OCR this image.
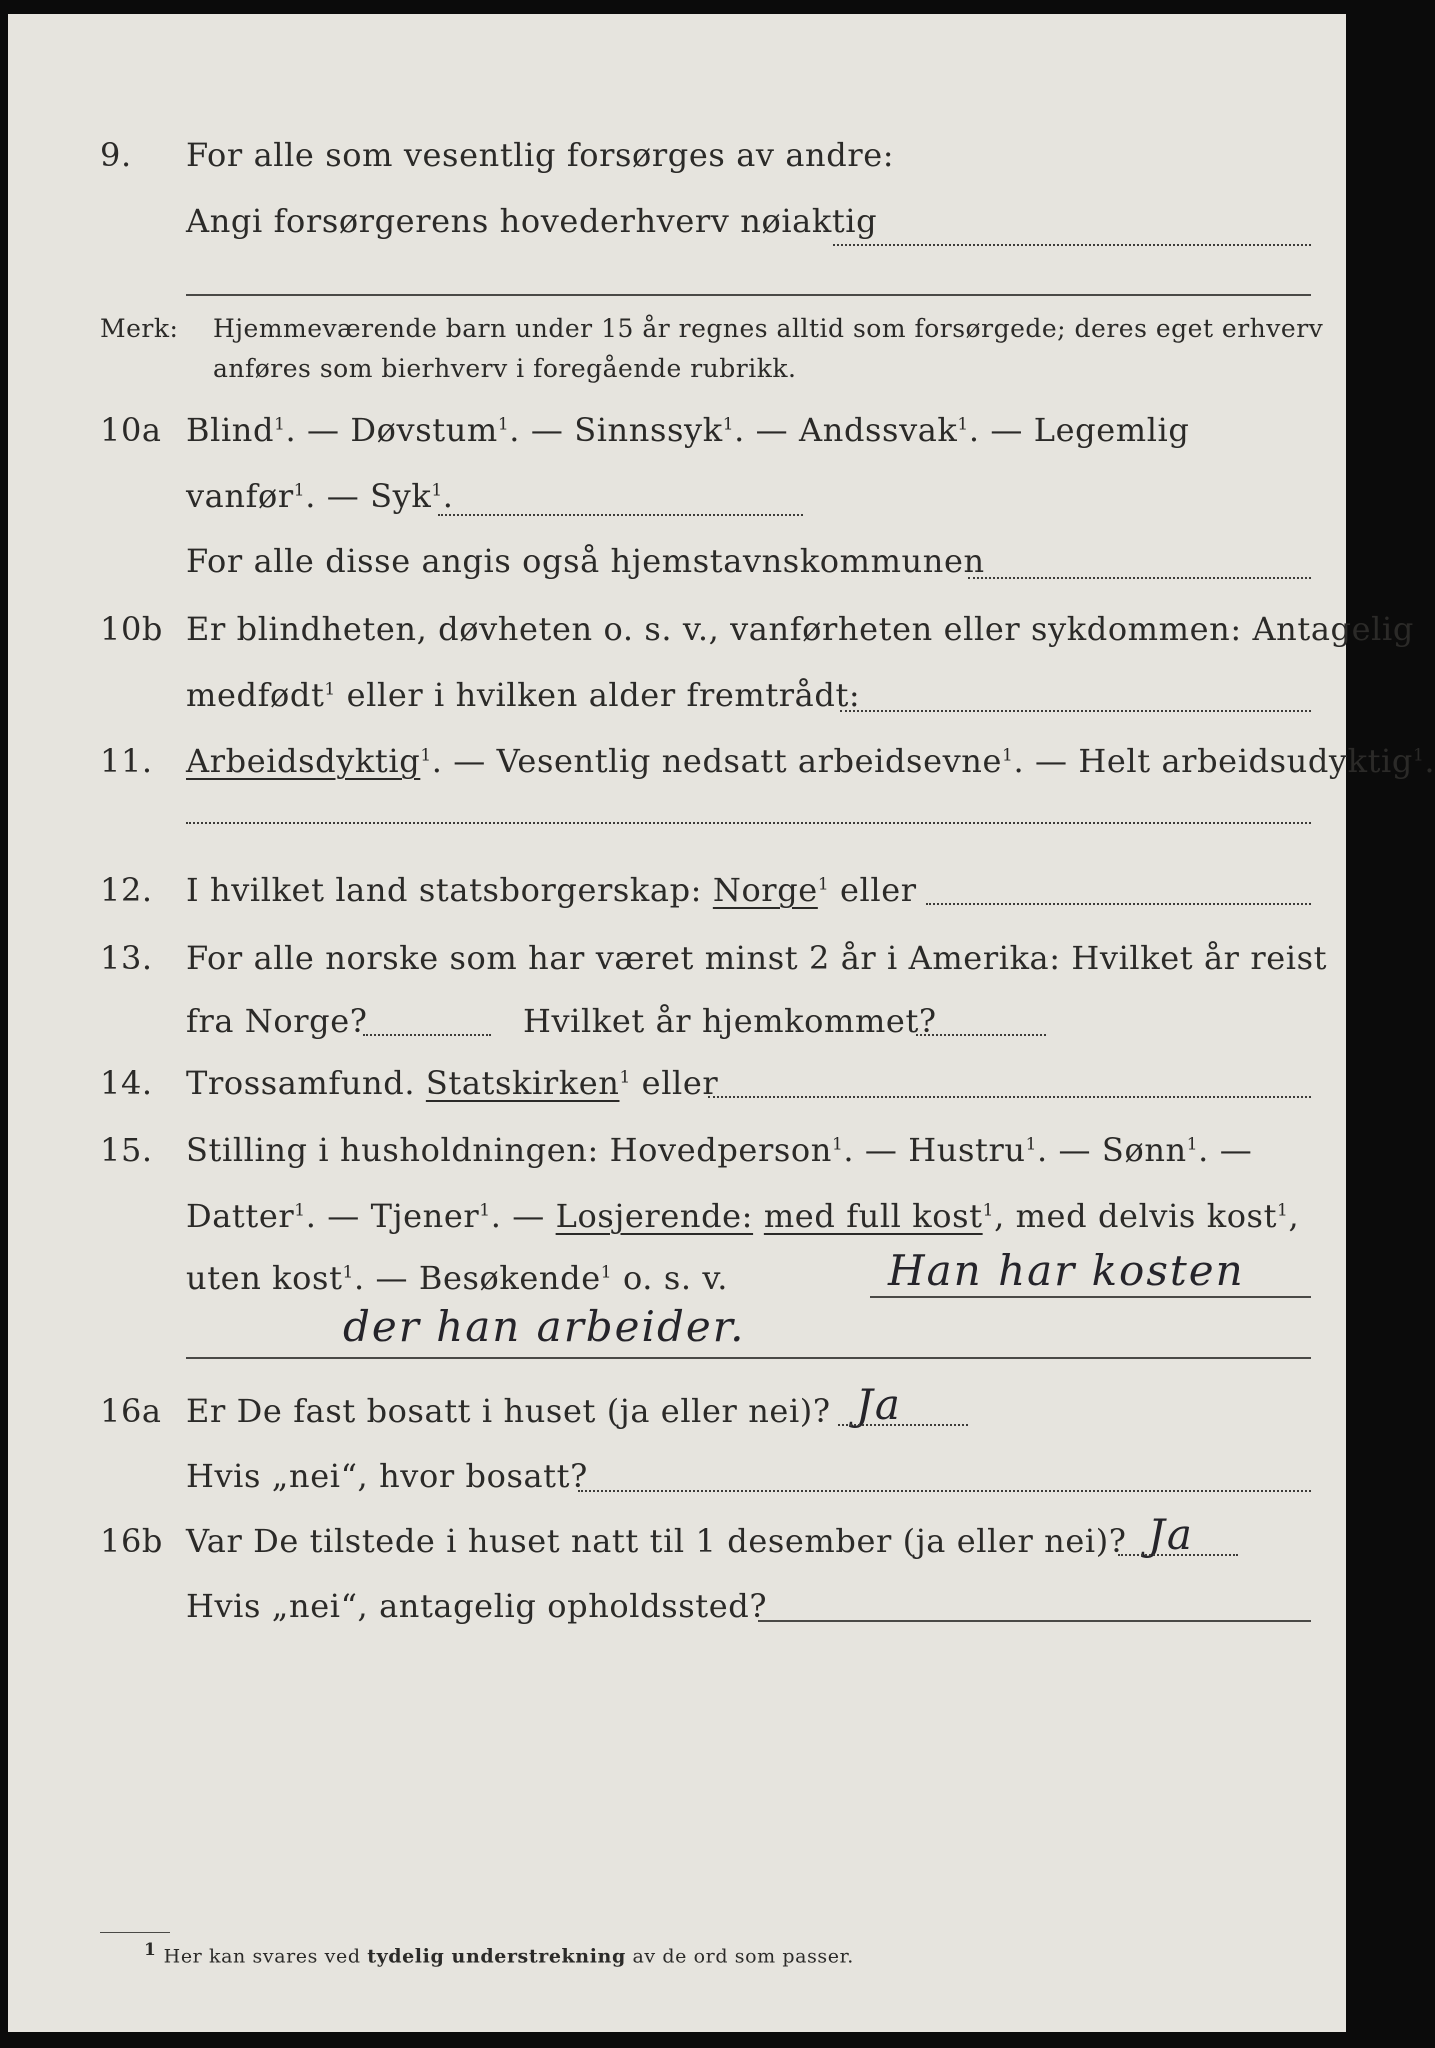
9. For alle som vesentlig forsørges av andre:
Angi forsørgerens hovederhverv nøiaktig
Merk: Hjemmeværende barn under 15 år regnes alltid som forsørgede; deres eget erhverv
anføres som bierhverv i foregående rubrikk.
10a Blind$^1$. — Døvstum$^1$. — Sinnssyk$^1$. — Andssvak$^1$. — Legemlig
vanfør$^1$. — Syk$^1$.
For alle disse angis også hjemstavnskommunen
10b Er blindheten, døvheten o. s. v., vanførheten eller sykdommen: Antagelig
medfødt$^1$ eller i hvilken alder fremtrådt:
11. Arbeidsdyktig$^1$. — Vesentlig nedsatt arbeidsevne$^1$. — Helt arbeidsudyktig$^1$.
12. I hvilket land statsborgerskap: Norge$^1$ eller
13. For alle norske som har været minst 2 år i Amerika: Hvilket år reist
fra Norge?	Hvilket år hjemkommet?
14. Trossamfund. Statskirken$^1$ eller
15. Stilling i husholdningen: Hovedperson$^1$. — Hustru$^1$. — Sønn$^1$. —
Datter$^1$. — Tjener$^1$. — Losjerende: med full kost$^1$, med delvis kost$^1$,
uten kost$^1$. — Besøkende$^1$ o. s. v.	Han har kosten
der han arbeider.
16a Er De fast bosatt i huset (ja eller nei)? Ja
Hvis „nei“, hvor bosatt?
16b Var De tilstede i huset natt til 1 desember (ja eller nei)? Ja
Hvis „nei“, antagelig opholdssted?
1 Her kan svares ved tydelig understrekning av de ord som passer.
